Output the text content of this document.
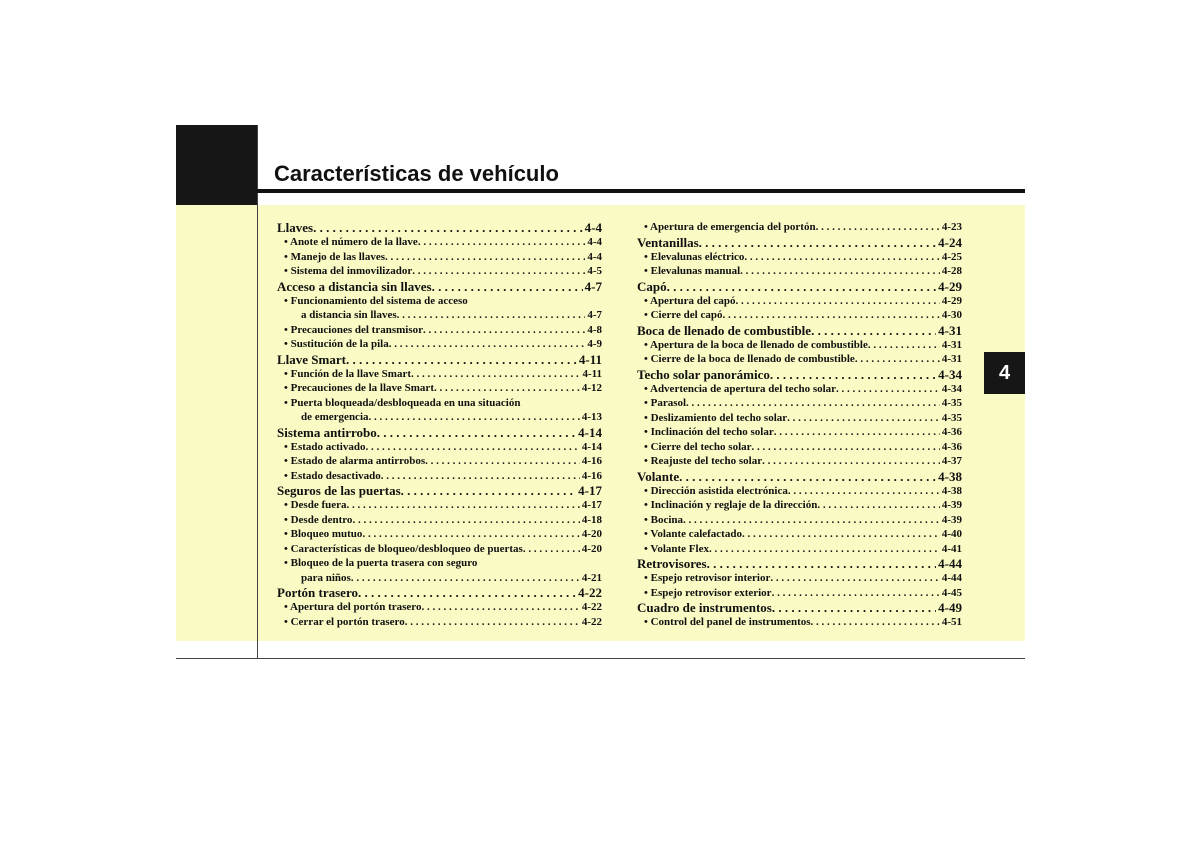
Características de vehículo
4
Llaves . . .	4-4
• Anote el número de la llave . . .	4-4
• Manejo de las llaves . . .	4-4
• Sistema del inmovilizador . . .	4-5
Acceso a distancia sin llaves . . .	4-7
• Funcionamiento del sistema de acceso
a distancia sin llaves . . .	4-7
• Precauciones del transmisor . . .	4-8
• Sustitución de la pila . . .	4-9
Llave Smart . . .	4-11
• Función de la llave Smart . . .	4-11
• Precauciones de la llave Smart . . .	4-12
• Puerta bloqueada/desbloqueada en una situación
de emergencia . . .	4-13
Sistema antirrobo . . .	4-14
• Estado activado . . .	4-14
• Estado de alarma antirrobos . . .	4-16
• Estado desactivado . . .	4-16
Seguros de las puertas . . .	4-17
• Desde fuera . . .	4-17
• Desde dentro . . .	4-18
• Bloqueo mutuo . . .	4-20
• Características de bloqueo/desbloqueo de puertas . . .	4-20
• Bloqueo de la puerta trasera con seguro
para niños . . .	4-21
Portón trasero . . .	4-22
• Apertura del portón trasero . . .	4-22
• Cerrar el portón trasero . . .	4-22
• Apertura de emergencia del portón . . .	4-23
Ventanillas . . .	4-24
• Elevalunas eléctrico . . .	4-25
• Elevalunas manual . . .	4-28
Capó . . .	4-29
• Apertura del capó . . .	4-29
• Cierre del capó . . .	4-30
Boca de llenado de combustible . . .	4-31
• Apertura de la boca de llenado de combustible . . .	4-31
• Cierre de la boca de llenado de combustible . . .	4-31
Techo solar panorámico . . .	4-34
• Advertencia de apertura del techo solar . . .	4-34
• Parasol . . .	4-35
• Deslizamiento del techo solar . . .	4-35
• Inclinación del techo solar . . .	4-36
• Cierre del techo solar . . .	4-36
• Reajuste del techo solar . . .	4-37
Volante . . .	4-38
• Dirección asistida electrónica . . .	4-38
• Inclinación y reglaje de la dirección . . .	4-39
• Bocina . . .	4-39
• Volante calefactado . . .	4-40
• Volante Flex . . .	4-41
Retrovisores . . .	4-44
• Espejo retrovisor interior . . .	4-44
• Espejo retrovisor exterior . . .	4-45
Cuadro de instrumentos . . .	4-49
• Control del panel de instrumentos . . .	4-51
